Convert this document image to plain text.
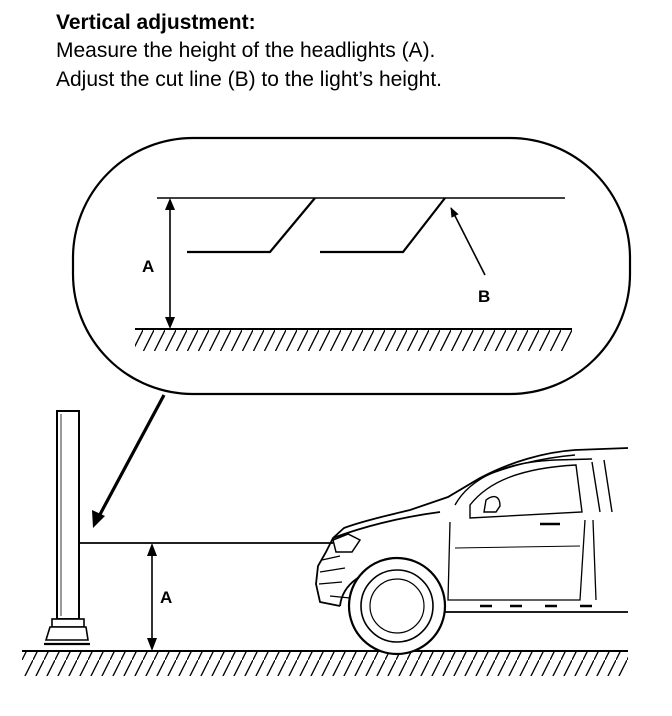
Vertical adjustment:

Measure the height of the headlights (A).

Adjust the cut line (B) to the light’s height.

A
B
A
